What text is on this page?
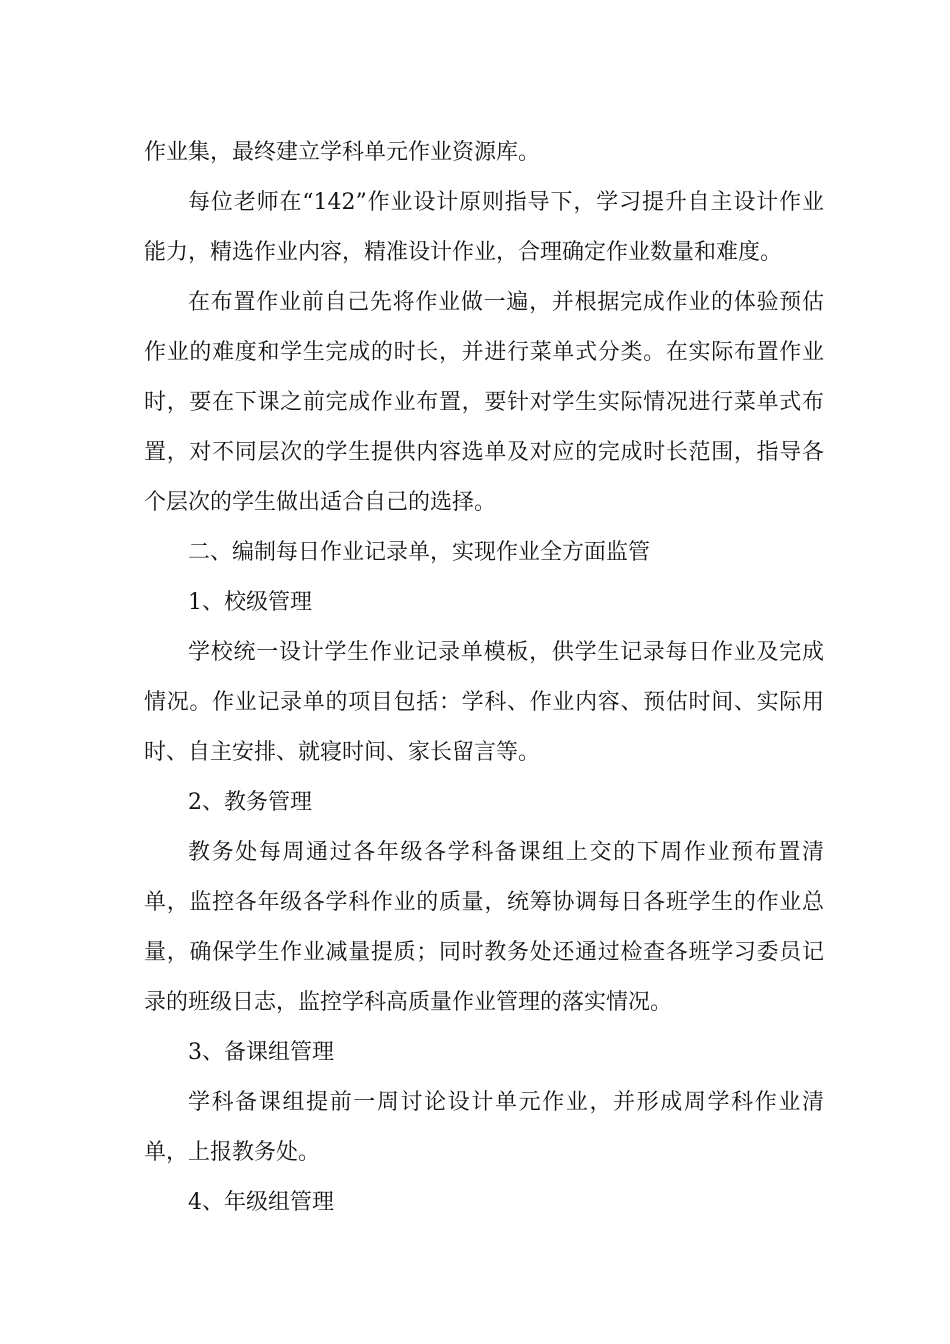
作业集，最终建立学科单元作业资源库。

每位老师在“142”作业设计原则指导下，学习提升自主设计作业能力，精选作业内容，精准设计作业，合理确定作业数量和难度。

在布置作业前自己先将作业做一遍，并根据完成作业的体验预估作业的难度和学生完成的时长，并进行菜单式分类。在实际布置作业时，要在下课之前完成作业布置，要针对学生实际情况进行菜单式布置，对不同层次的学生提供内容选单及对应的完成时长范围，指导各个层次的学生做出适合自己的选择。

二、编制每日作业记录单，实现作业全方面监管

1、校级管理

学校统一设计学生作业记录单模板，供学生记录每日作业及完成情况。作业记录单的项目包括：学科、作业内容、预估时间、实际用时、自主安排、就寝时间、家长留言等。

2、教务管理

教务处每周通过各年级各学科备课组上交的下周作业预布置清单，监控各年级各学科作业的质量，统筹协调每日各班学生的作业总量，确保学生作业减量提质；同时教务处还通过检查各班学习委员记录的班级日志，监控学科高质量作业管理的落实情况。

3、备课组管理

学科备课组提前一周讨论设计单元作业，并形成周学科作业清单，上报教务处。

4、年级组管理
